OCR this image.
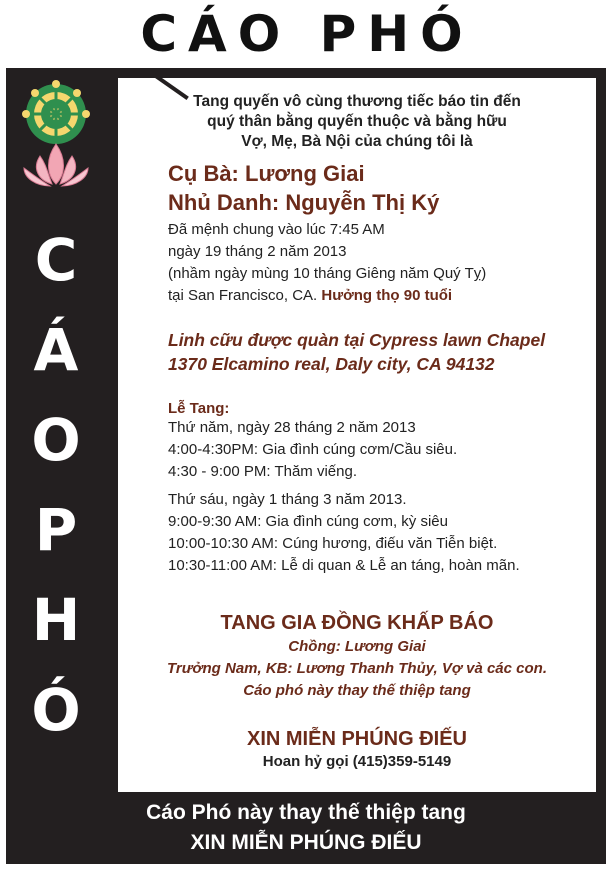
CÁO PHÓ
C
Á
O
P
H
Ó
Tang quyến vô cùng thương tiếc báo tin đến
quý thân bằng quyến thuộc và bằng hữu
Vợ, Mẹ, Bà Nội của chúng tôi là
Cụ Bà: Lương Giai
Nhủ Danh: Nguyễn Thị Ký
Đã mệnh chung vào lúc 7:45 AM
ngày 19 tháng 2 năm 2013
(nhầm ngày mùng 10 tháng Giêng năm Quý Tỵ)
tại San Francisco, CA. Hưởng thọ 90 tuổi
Linh cữu được quàn tại Cypress lawn Chapel
1370 Elcamino real, Daly city, CA 94132
Lễ Tang:
Thứ năm, ngày 28 tháng 2 năm 2013
4:00-4:30PM: Gia đình cúng cơm/Cầu siêu.
4:30 - 9:00 PM: Thăm viếng.
Thứ sáu, ngày 1 tháng 3 năm 2013.
9:00-9:30 AM: Gia đình cúng cơm, kỳ siêu
10:00-10:30 AM: Cúng hương, điếu văn Tiễn biệt.
10:30-11:00 AM: Lễ di quan & Lễ an táng, hoàn mãn.
TANG GIA ĐỒNG KHẤP BÁO
Chồng: Lương Giai
Trưởng Nam, KB: Lương Thanh Thủy, Vợ và các con.
Cáo phó này thay thế thiệp tang
XIN MIỄN PHÚNG ĐIẾU
Hoan hỷ gọi (415)359-5149
Cáo Phó này thay thế thiệp tang
XIN MIỄN PHÚNG ĐIẾU
